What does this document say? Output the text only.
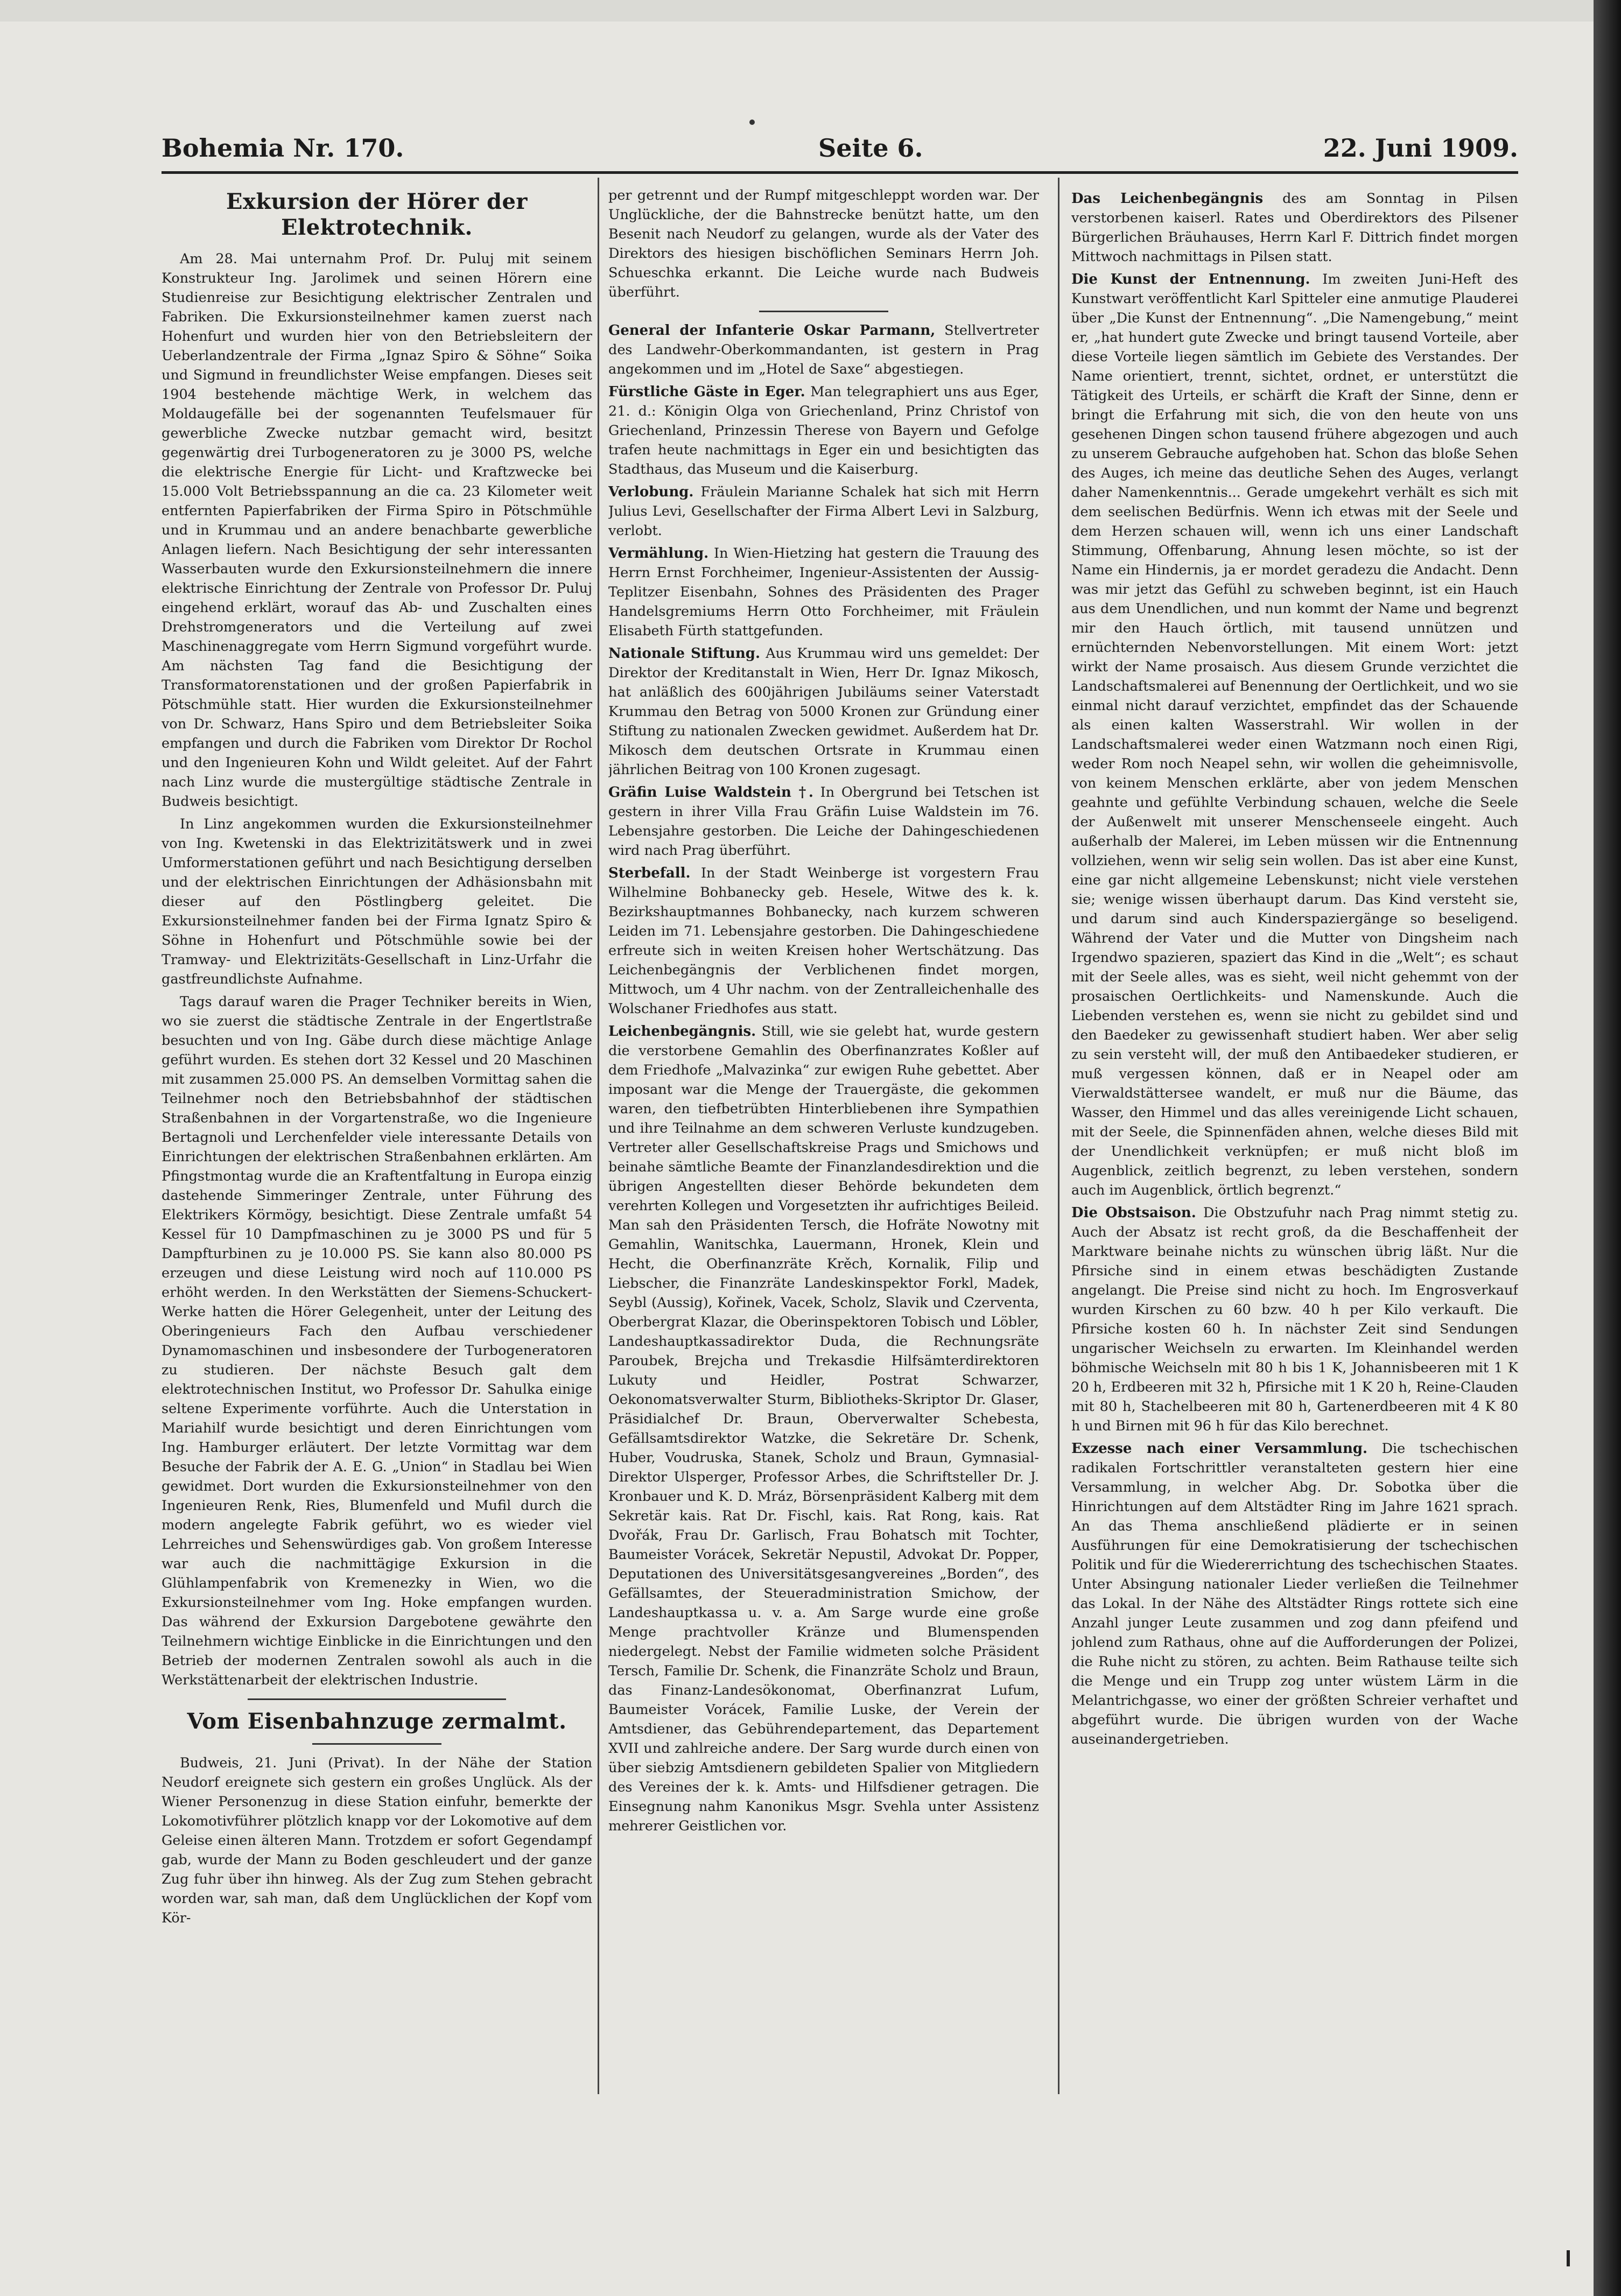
Bohemia Nr. 170.	Seite 6.	22. Juni 1909.
Exkursion der Hörer der Elektrotechnik.

Am 28. Mai unternahm Prof. Dr. Puluj mit seinem Konstrukteur Ing. Jarolimek und seinen Hörern eine Studienreise zur Besichtigung elektrischer Zentralen und Fabriken. Die Exkursionsteilnehmer kamen zuerst nach Hohenfurt und wurden hier von den Betriebsleitern der Ueberlandzentrale der Firma „Ignaz Spiro & Söhne“ Soika und Sigmund in freundlichster Weise empfangen. Dieses seit 1904 bestehende mächtige Werk, in welchem das Moldaugefälle bei der sogenannten Teufelsmauer für gewerbliche Zwecke nutzbar gemacht wird, besitzt gegenwärtig drei Turbogeneratoren zu je 3000 PS, welche die elektrische Energie für Licht- und Kraftzwecke bei 15.000 Volt Betriebsspannung an die ca. 23 Kilometer weit entfernten Papierfabriken der Firma Spiro in Pötschmühle und in Krummau und an andere benachbarte gewerbliche Anlagen liefern. Nach Besichtigung der sehr interessanten Wasserbauten wurde den Exkursionsteilnehmern die innere elektrische Einrichtung der Zentrale von Professor Dr. Puluj eingehend erklärt, worauf das Ab- und Zuschalten eines Drehstromgenerators und die Verteilung auf zwei Maschinenaggregate vom Herrn Sigmund vorgeführt wurde. Am nächsten Tag fand die Besichtigung der Transformatorenstationen und der großen Papierfabrik in Pötschmühle statt. Hier wurden die Exkursionsteilnehmer von Dr. Schwarz, Hans Spiro und dem Betriebsleiter Soika empfangen und durch die Fabriken vom Direktor Dr Rochol und den Ingenieuren Kohn und Wildt geleitet. Auf der Fahrt nach Linz wurde die mustergültige städtische Zentrale in Budweis besichtigt.

In Linz angekommen wurden die Exkursionsteilnehmer von Ing. Kwetenski in das Elektrizitätswerk und in zwei Umformerstationen geführt und nach Besichtigung derselben und der elektrischen Einrichtungen der Adhäsionsbahn mit dieser auf den Pöstlingberg geleitet. Die Exkursionsteilnehmer fanden bei der Firma Ignatz Spiro & Söhne in Hohenfurt und Pötschmühle sowie bei der Tramway- und Elektrizitäts-Gesellschaft in Linz-Urfahr die gastfreundlichste Aufnahme.

Tags darauf waren die Prager Techniker bereits in Wien, wo sie zuerst die städtische Zentrale in der Engertlstraße besuchten und von Ing. Gäbe durch diese mächtige Anlage geführt wurden. Es stehen dort 32 Kessel und 20 Maschinen mit zusammen 25.000 PS. An demselben Vormittag sahen die Teilnehmer noch den Betriebsbahnhof der städtischen Straßenbahnen in der Vorgartenstraße, wo die Ingenieure Bertagnoli und Lerchenfelder viele interessante Details von Einrichtungen der elektrischen Straßenbahnen erklärten. Am Pfingstmontag wurde die an Kraftentfaltung in Europa einzig dastehende Simmeringer Zentrale, unter Führung des Elektrikers Körmögy, besichtigt. Diese Zentrale umfaßt 54 Kessel für 10 Dampfmaschinen zu je 3000 PS und für 5 Dampfturbinen zu je 10.000 PS. Sie kann also 80.000 PS erzeugen und diese Leistung wird noch auf 110.000 PS erhöht werden. In den Werkstätten der Siemens-Schuckert-Werke hatten die Hörer Gelegenheit, unter der Leitung des Oberingenieurs Fach den Aufbau verschiedener Dynamomaschinen und insbesondere der Turbogeneratoren zu studieren. Der nächste Besuch galt dem elektrotechnischen Institut, wo Professor Dr. Sahulka einige seltene Experimente vorführte. Auch die Unterstation in Mariahilf wurde besichtigt und deren Einrichtungen vom Ing. Hamburger erläutert. Der letzte Vormittag war dem Besuche der Fabrik der A. E. G. „Union“ in Stadlau bei Wien gewidmet. Dort wurden die Exkursionsteilnehmer von den Ingenieuren Renk, Ries, Blumenfeld und Mufil durch die modern angelegte Fabrik geführt, wo es wieder viel Lehrreiches und Sehenswürdiges gab. Von großem Interesse war auch die nachmittägige Exkursion in die Glühlampenfabrik von Kremenezky in Wien, wo die Exkursionsteilnehmer vom Ing. Hoke empfangen wurden. Das während der Exkursion Dargebotene gewährte den Teilnehmern wichtige Einblicke in die Einrichtungen und den Betrieb der modernen Zentralen sowohl als auch in die Werkstättenarbeit der elektrischen Industrie.

Vom Eisenbahnzuge zermalmt.

Budweis, 21. Juni (Privat). In der Nähe der Station Neudorf ereignete sich gestern ein großes Unglück. Als der Wiener Personenzug in diese Station einfuhr, bemerkte der Lokomotivführer plötzlich knapp vor der Lokomotive auf dem Geleise einen älteren Mann. Trotzdem er sofort Gegendampf gab, wurde der Mann zu Boden geschleudert und der ganze Zug fuhr über ihn hinweg. Als der Zug zum Stehen gebracht worden war, sah man, daß dem Unglücklichen der Kopf vom Kör-

per getrennt und der Rumpf mitgeschleppt worden war. Der Unglückliche, der die Bahnstrecke benützt hatte, um den Besenit nach Neudorf zu gelangen, wurde als der Vater des Direktors des hiesigen bischöflichen Seminars Herrn Joh. Schueschka erkannt. Die Leiche wurde nach Budweis überführt.

General der Infanterie Oskar Parmann, Stellvertreter des Landwehr-Oberkommandanten, ist gestern in Prag angekommen und im „Hotel de Saxe“ abgestiegen.

Fürstliche Gäste in Eger. Man telegraphiert uns aus Eger, 21. d.: Königin Olga von Griechenland, Prinz Christof von Griechenland, Prinzessin Therese von Bayern und Gefolge trafen heute nachmittags in Eger ein und besichtigten das Stadthaus, das Museum und die Kaiserburg.

Verlobung. Fräulein Marianne Schalek hat sich mit Herrn Julius Levi, Gesellschafter der Firma Albert Levi in Salzburg, verlobt.

Vermählung. In Wien-Hietzing hat gestern die Trauung des Herrn Ernst Forchheimer, Ingenieur-Assistenten der Aussig-Teplitzer Eisenbahn, Sohnes des Präsidenten des Prager Handelsgremiums Herrn Otto Forchheimer, mit Fräulein Elisabeth Fürth stattgefunden.

Nationale Stiftung. Aus Krummau wird uns gemeldet: Der Direktor der Kreditanstalt in Wien, Herr Dr. Ignaz Mikosch, hat anläßlich des 600jährigen Jubiläums seiner Vaterstadt Krummau den Betrag von 5000 Kronen zur Gründung einer Stiftung zu nationalen Zwecken gewidmet. Außerdem hat Dr. Mikosch dem deutschen Ortsrate in Krummau einen jährlichen Beitrag von 100 Kronen zugesagt.

Gräfin Luise Waldstein †. In Obergrund bei Tetschen ist gestern in ihrer Villa Frau Gräfin Luise Waldstein im 76. Lebensjahre gestorben. Die Leiche der Dahingeschiedenen wird nach Prag überführt.

Sterbefall. In der Stadt Weinberge ist vorgestern Frau Wilhelmine Bohbanecky geb. Hesele, Witwe des k. k. Bezirkshauptmannes Bohbanecky, nach kurzem schweren Leiden im 71. Lebensjahre gestorben. Die Dahingeschiedene erfreute sich in weiten Kreisen hoher Wertschätzung. Das Leichenbegängnis der Verblichenen findet morgen, Mittwoch, um 4 Uhr nachm. von der Zentralleichenhalle des Wolschaner Friedhofes aus statt.

Leichenbegängnis. Still, wie sie gelebt hat, wurde gestern die verstorbene Gemahlin des Oberfinanzrates Koßler auf dem Friedhofe „Malvazinka“ zur ewigen Ruhe gebettet. Aber imposant war die Menge der Trauergäste, die gekommen waren, den tiefbetrübten Hinterbliebenen ihre Sympathien und ihre Teilnahme an dem schweren Verluste kundzugeben. Vertreter aller Gesellschaftskreise Prags und Smichows und beinahe sämtliche Beamte der Finanzlandesdirektion und die übrigen Angestellten dieser Behörde bekundeten dem verehrten Kollegen und Vorgesetzten ihr aufrichtiges Beileid. Man sah den Präsidenten Tersch, die Hofräte Nowotny mit Gemahlin, Wanitschka, Lauermann, Hronek, Klein und Hecht, die Oberfinanzräte Krěch, Kornalik, Filip und Liebscher, die Finanzräte Landeskinspektor Forkl, Madek, Seybl (Aussig), Kořinek, Vacek, Scholz, Slavik und Czerventa, Oberbergrat Klazar, die Oberinspektoren Tobisch und Löbler, Landeshauptkassadirektor Duda, die Rechnungsräte Paroubek, Brejcha und Trekasdie Hilfsämterdirektoren Lukuty und Heidler, Postrat Schwarzer, Oekonomatsverwalter Sturm, Bibliotheks-Skriptor Dr. Glaser, Präsidialchef Dr. Braun, Oberverwalter Schebesta, Gefällsamtsdirektor Watzke, die Sekretäre Dr. Schenk, Huber, Voudruska, Stanek, Scholz und Braun, Gymnasial-Direktor Ulsperger, Professor Arbes, die Schriftsteller Dr. J. Kronbauer und K. D. Mráz, Börsenpräsident Kalberg mit dem Sekretär kais. Rat Dr. Fischl, kais. Rat Rong, kais. Rat Dvořák, Frau Dr. Garlisch, Frau Bohatsch mit Tochter, Baumeister Vorácek, Sekretär Nepustil, Advokat Dr. Popper, Deputationen des Universitätsgesangvereines „Borden“, des Gefällsamtes, der Steueradministration Smichow, der Landeshauptkassa u. v. a. Am Sarge wurde eine große Menge prachtvoller Kränze und Blumenspenden niedergelegt. Nebst der Familie widmeten solche Präsident Tersch, Familie Dr. Schenk, die Finanzräte Scholz und Braun, das Finanz-Landesökonomat, Oberfinanzrat Lufum, Baumeister Vorácek, Familie Luske, der Verein der Amtsdiener, das Gebührendepartement, das Departement XVII und zahlreiche andere. Der Sarg wurde durch einen von über siebzig Amtsdienern gebildeten Spalier von Mitgliedern des Vereines der k. k. Amts- und Hilfsdiener getragen. Die Einsegnung nahm Kanonikus Msgr. Svehla unter Assistenz mehrerer Geistlichen vor.

Das Leichenbegängnis des am Sonntag in Pilsen verstorbenen kaiserl. Rates und Oberdirektors des Pilsener Bürgerlichen Bräuhauses, Herrn Karl F. Dittrich findet morgen Mittwoch nachmittags in Pilsen statt.

Die Kunst der Entnennung. Im zweiten Juni-Heft des Kunstwart veröffentlicht Karl Spitteler eine anmutige Plauderei über „Die Kunst der Entnennung“. „Die Namengebung,“ meint er, „hat hundert gute Zwecke und bringt tausend Vorteile, aber diese Vorteile liegen sämtlich im Gebiete des Verstandes. Der Name orientiert, trennt, sichtet, ordnet, er unterstützt die Tätigkeit des Urteils, er schärft die Kraft der Sinne, denn er bringt die Erfahrung mit sich, die von den heute von uns gesehenen Dingen schon tausend frühere abgezogen und auch zu unserem Gebrauche aufgehoben hat. Schon das bloße Sehen des Auges, ich meine das deutliche Sehen des Auges, verlangt daher Namenkenntnis... Gerade umgekehrt verhält es sich mit dem seelischen Bedürfnis. Wenn ich etwas mit der Seele und dem Herzen schauen will, wenn ich uns einer Landschaft Stimmung, Offenbarung, Ahnung lesen möchte, so ist der Name ein Hindernis, ja er mordet geradezu die Andacht. Denn was mir jetzt das Gefühl zu schweben beginnt, ist ein Hauch aus dem Unendlichen, und nun kommt der Name und begrenzt mir den Hauch örtlich, mit tausend unnützen und ernüchternden Nebenvorstellungen. Mit einem Wort: jetzt wirkt der Name prosaisch. Aus diesem Grunde verzichtet die Landschaftsmalerei auf Benennung der Oertlichkeit, und wo sie einmal nicht darauf verzichtet, empfindet das der Schauende als einen kalten Wasserstrahl. Wir wollen in der Landschaftsmalerei weder einen Watzmann noch einen Rigi, weder Rom noch Neapel sehn, wir wollen die geheimnisvolle, von keinem Menschen erklärte, aber von jedem Menschen geahnte und gefühlte Verbindung schauen, welche die Seele der Außenwelt mit unserer Menschenseele eingeht. Auch außerhalb der Malerei, im Leben müssen wir die Entnennung vollziehen, wenn wir selig sein wollen. Das ist aber eine Kunst, eine gar nicht allgemeine Lebenskunst; nicht viele verstehen sie; wenige wissen überhaupt darum. Das Kind versteht sie, und darum sind auch Kinderspaziergänge so beseligend. Während der Vater und die Mutter von Dingsheim nach Irgendwo spazieren, spaziert das Kind in die „Welt“; es schaut mit der Seele alles, was es sieht, weil nicht gehemmt von der prosaischen Oertlichkeits- und Namenskunde. Auch die Liebenden verstehen es, wenn sie nicht zu gebildet sind und den Baedeker zu gewissenhaft studiert haben. Wer aber selig zu sein versteht will, der muß den Antibaedeker studieren, er muß vergessen können, daß er in Neapel oder am Vierwaldstättersee wandelt, er muß nur die Bäume, das Wasser, den Himmel und das alles vereinigende Licht schauen, mit der Seele, die Spinnenfäden ahnen, welche dieses Bild mit der Unendlichkeit verknüpfen; er muß nicht bloß im Augenblick, zeitlich begrenzt, zu leben verstehen, sondern auch im Augenblick, örtlich begrenzt.“

Die Obstsaison. Die Obstzufuhr nach Prag nimmt stetig zu. Auch der Absatz ist recht groß, da die Beschaffenheit der Marktware beinahe nichts zu wünschen übrig läßt. Nur die Pfirsiche sind in einem etwas beschädigten Zustande angelangt. Die Preise sind nicht zu hoch. Im Engrosverkauf wurden Kirschen zu 60 bzw. 40 h per Kilo verkauft. Die Pfirsiche kosten 60 h. In nächster Zeit sind Sendungen ungarischer Weichseln zu erwarten. Im Kleinhandel werden böhmische Weichseln mit 80 h bis 1 K, Johannisbeeren mit 1 K 20 h, Erdbeeren mit 32 h, Pfirsiche mit 1 K 20 h, Reine-Clauden mit 80 h, Stachelbeeren mit 80 h, Gartenerdbeeren mit 4 K 80 h und Birnen mit 96 h für das Kilo berechnet.

Exzesse nach einer Versammlung. Die tschechischen radikalen Fortschrittler veranstalteten gestern hier eine Versammlung, in welcher Abg. Dr. Sobotka über die Hinrichtungen auf dem Altstädter Ring im Jahre 1621 sprach. An das Thema anschließend plädierte er in seinen Ausführungen für eine Demokratisierung der tschechischen Politik und für die Wiedererrichtung des tschechischen Staates. Unter Absingung nationaler Lieder verließen die Teilnehmer das Lokal. In der Nähe des Altstädter Rings rottete sich eine Anzahl junger Leute zusammen und zog dann pfeifend und johlend zum Rathaus, ohne auf die Aufforderungen der Polizei, die Ruhe nicht zu stören, zu achten. Beim Rathause teilte sich die Menge und ein Trupp zog unter wüstem Lärm in die Melantrichgasse, wo einer der größten Schreier verhaftet und abgeführt wurde. Die übrigen wurden von der Wache auseinandergetrieben.
